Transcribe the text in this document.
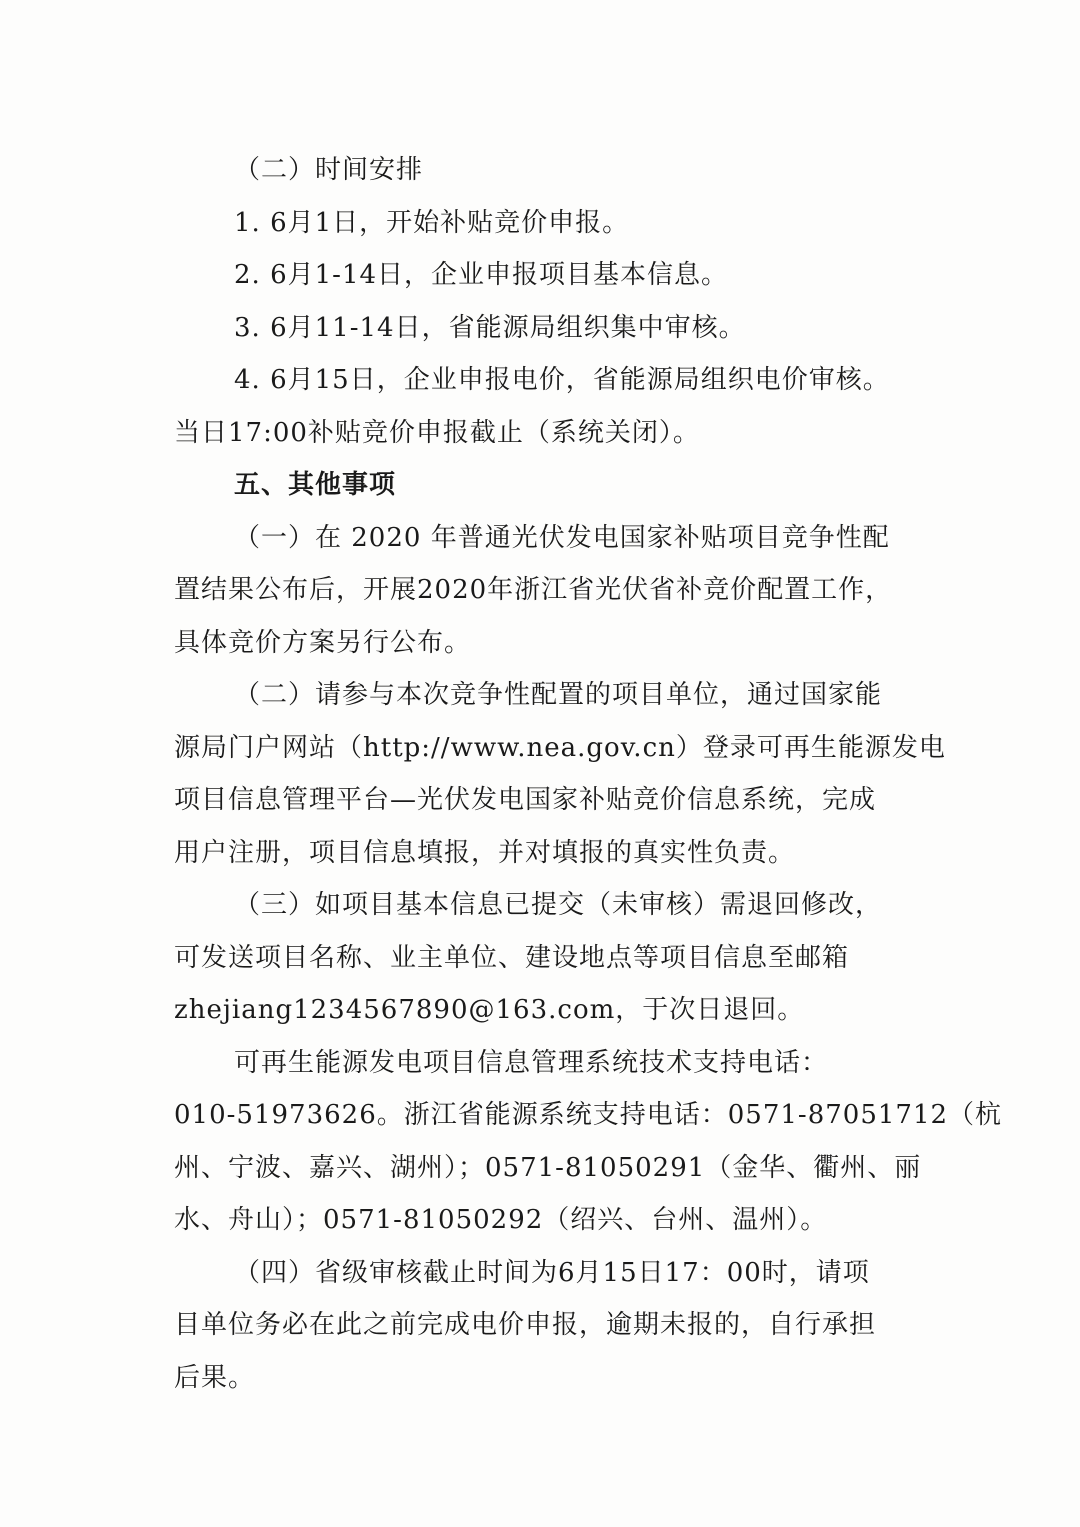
（二）时间安排
1. 6月1日，开始补贴竞价申报。
2. 6月1-14日，企业申报项目基本信息。
3. 6月11-14日，省能源局组织集中审核。
4. 6月15日，企业申报电价，省能源局组织电价审核。
当日17:00补贴竞价申报截止（系统关闭）。
五、其他事项
（一）在 2020 年普通光伏发电国家补贴项目竞争性配
置结果公布后，开展2020年浙江省光伏省补竞价配置工作，
具体竞价方案另行公布。
（二）请参与本次竞争性配置的项目单位，通过国家能
源局门户网站（http://www.nea.gov.cn）登录可再生能源发电
项目信息管理平台—光伏发电国家补贴竞价信息系统，完成
用户注册，项目信息填报，并对填报的真实性负责。
（三）如项目基本信息已提交（未审核）需退回修改，
可发送项目名称、业主单位、建设地点等项目信息至邮箱
zhejiang1234567890@163.com，于次日退回。
可再生能源发电项目信息管理系统技术支持电话：
010-51973626。浙江省能源系统支持电话：0571-87051712（杭
州、宁波、嘉兴、湖州）；0571-81050291（金华、衢州、丽
水、舟山）；0571-81050292（绍兴、台州、温州）。
（四）省级审核截止时间为6月15日17：00时，请项
目单位务必在此之前完成电价申报，逾期未报的，自行承担
后果。
